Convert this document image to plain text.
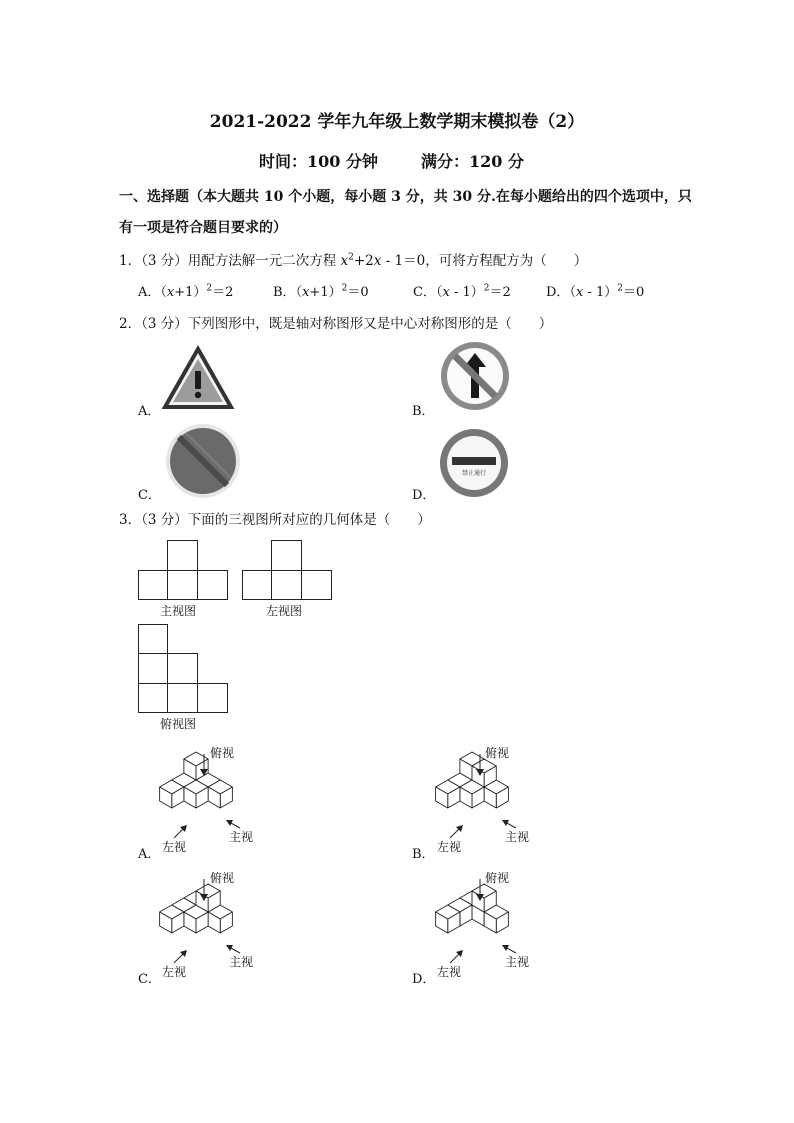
2021-2022 学年九年级上数学期末模拟卷（2）
时间：100 分钟	满分：120 分
一、选择题（本大题共 10 个小题，每小题 3 分，共 30 分.在每小题给出的四个选项中，只
有一项是符合题目要求的）
1．（3 分）用配方法解一元二次方程 $x^2+2x - 1=0$，可将方程配方为（　　）
A．$(x+1)^2=2$	B．$(x+1)^2=0$	C．（x - 1）$^2$＝2	D．（x - 1）$^2$＝0
2．（3 分）下列图形中，既是轴对称图形又是中心对称图形的是（　　）
A．	B．
C．	D．
禁止通行
3．（3 分）下面的三视图所对应的几何体是（　　）
主视图	左视图
俯视图
俯视
主视
左视
A．
俯视
主视
左视
B．
俯视
主视
左视
C．
俯视
主视
左视
D．
